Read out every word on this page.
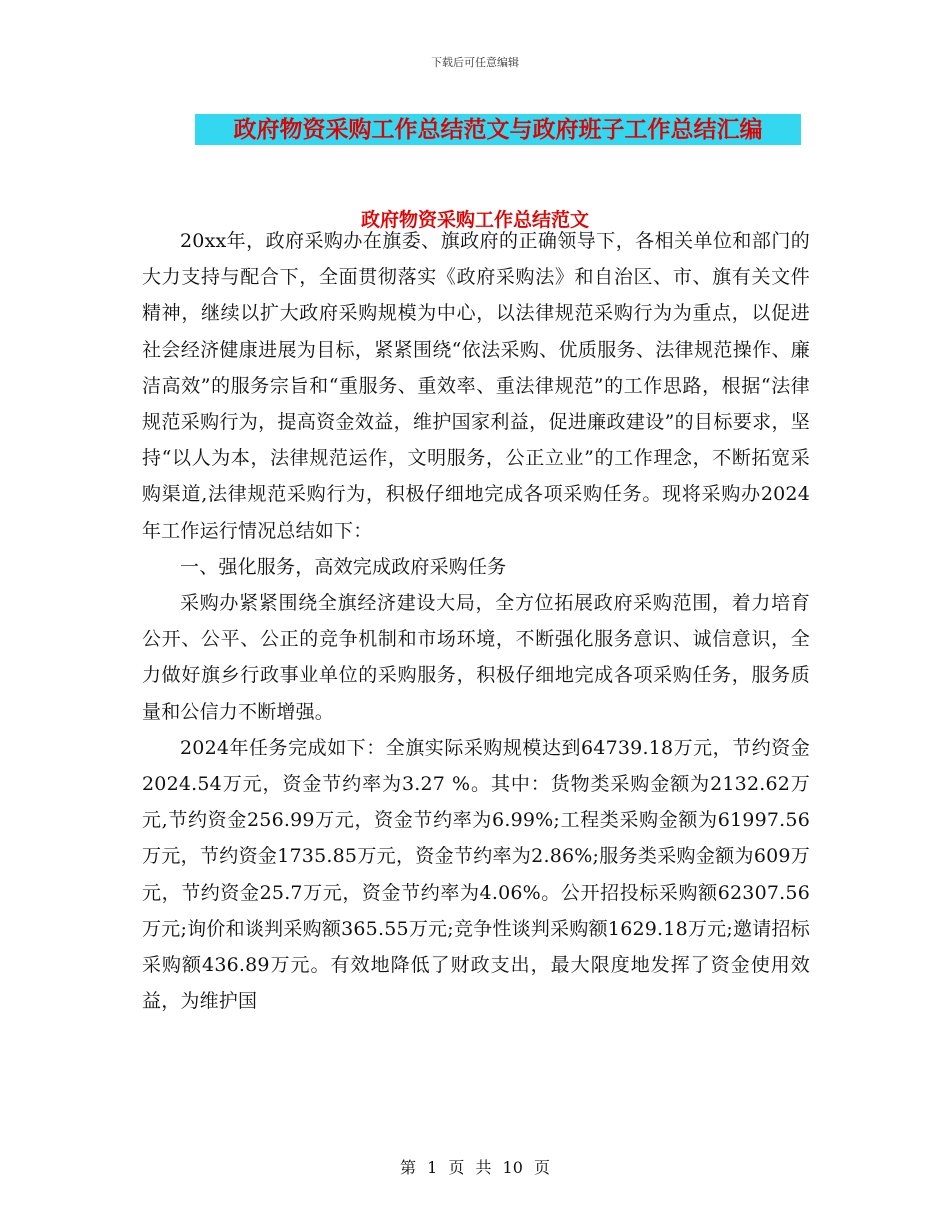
下载后可任意编辑
政府物资采购工作总结范文与政府班子工作总结汇编
政府物资采购工作总结范文

20xx年，政府采购办在旗委、旗政府的正确领导下，各相关单位和部门的大力支持与配合下，全面贯彻落实《政府采购法》和自治区、市、旗有关文件精神，继续以扩大政府采购规模为中心，以法律规范采购行为为重点，以促进社会经济健康进展为目标，紧紧围绕“依法采购、优质服务、法律规范操作、廉洁高效”的服务宗旨和“重服务、重效率、重法律规范”的工作思路，根据“法律规范采购行为，提高资金效益，维护国家利益，促进廉政建设”的目标要求，坚持“以人为本，法律规范运作，文明服务，公正立业”的工作理念，不断拓宽采购渠道,法律规范采购行为，积极仔细地完成各项采购任务。现将采购办2024年工作运行情况总结如下：

一、强化服务，高效完成政府采购任务

采购办紧紧围绕全旗经济建设大局，全方位拓展政府采购范围，着力培育公开、公平、公正的竞争机制和市场环境，不断强化服务意识、诚信意识，全力做好旗乡行政事业单位的采购服务，积极仔细地完成各项采购任务，服务质量和公信力不断增强。

2024年任务完成如下：全旗实际采购规模达到64739.18万元，节约资金2024.54万元，资金节约率为3.27 %。其中：货物类采购金额为2132.62万元,节约资金256.99万元，资金节约率为6.99%;工程类采购金额为61997.56万元，节约资金1735.85万元，资金节约率为2.86%;服务类采购金额为609万元，节约资金25.7万元，资金节约率为4.06%。公开招投标采购额62307.56万元;询价和谈判采购额365.55万元;竞争性谈判采购额1629.18万元;邀请招标采购额436.89万元。有效地降低了财政支出，最大限度地发挥了资金使用效益，为维护国

第 1 页 共 10 页
